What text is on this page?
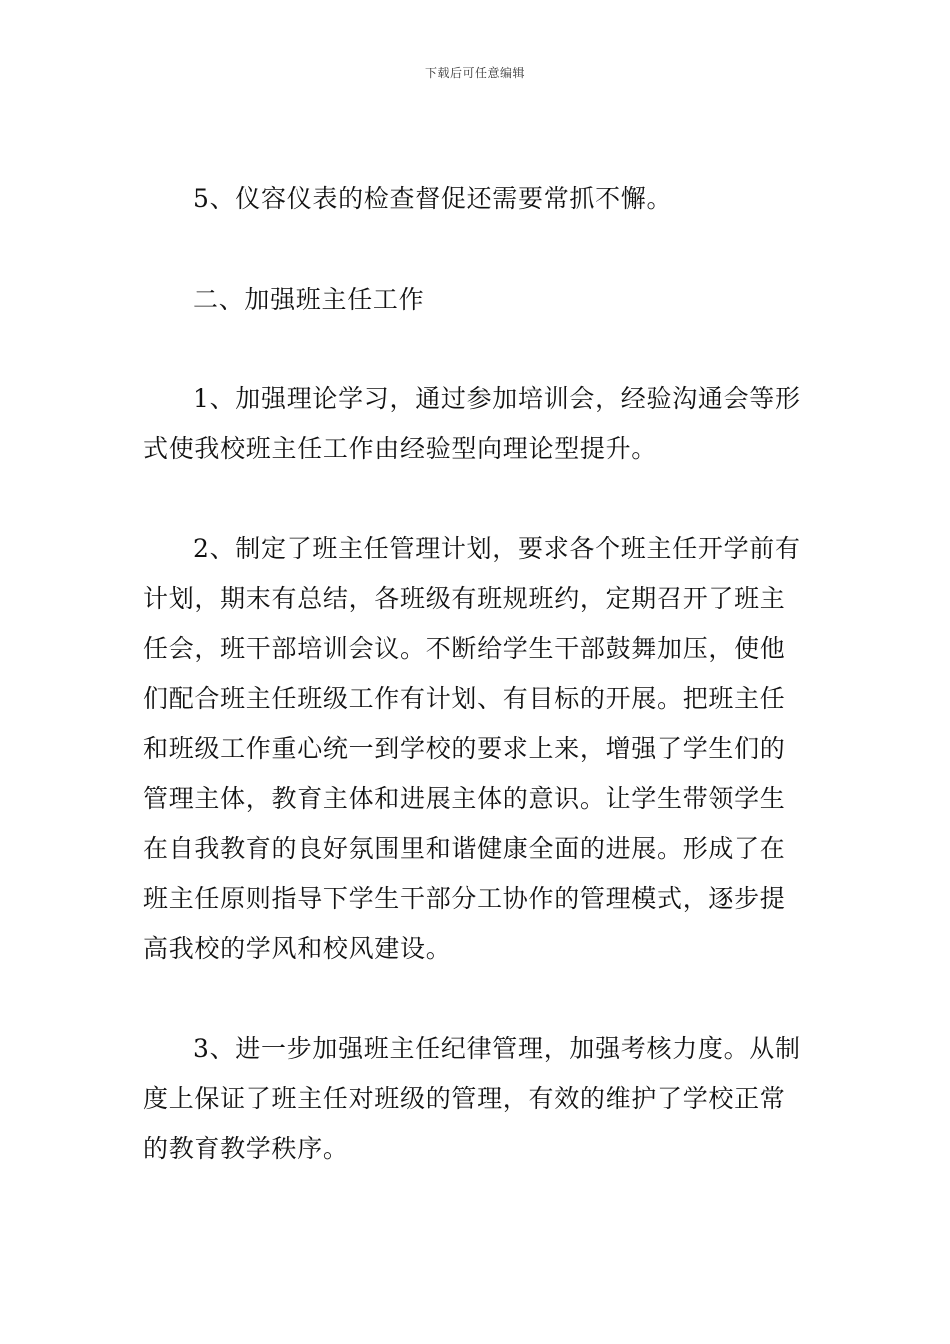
下载后可任意编辑
5、仪容仪表的检查督促还需要常抓不懈。
二、加强班主任工作
1、加强理论学习，通过参加培训会，经验沟通会等形
式使我校班主任工作由经验型向理论型提升。
2、制定了班主任管理计划，要求各个班主任开学前有
计划，期末有总结，各班级有班规班约，定期召开了班主
任会，班干部培训会议。不断给学生干部鼓舞加压，使他
们配合班主任班级工作有计划、有目标的开展。把班主任
和班级工作重心统一到学校的要求上来，增强了学生们的
管理主体，教育主体和进展主体的意识。让学生带领学生
在自我教育的良好氛围里和谐健康全面的进展。形成了在
班主任原则指导下学生干部分工协作的管理模式，逐步提
高我校的学风和校风建设。
3、进一步加强班主任纪律管理，加强考核力度。从制
度上保证了班主任对班级的管理，有效的维护了学校正常
的教育教学秩序。
